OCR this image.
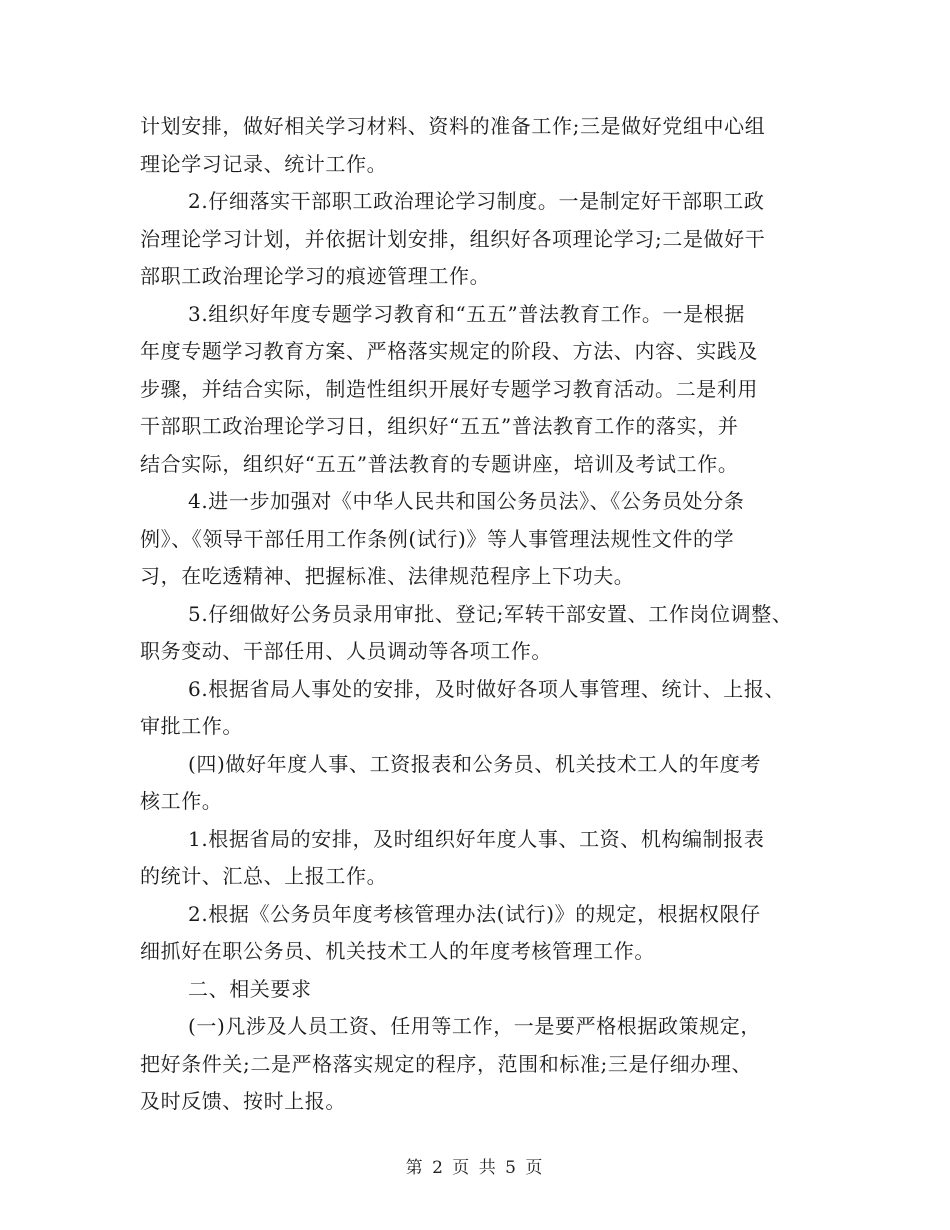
计划安排，做好相关学习材料、资料的准备工作;三是做好党组中心组
理论学习记录、统计工作。
2.仔细落实干部职工政治理论学习制度。一是制定好干部职工政
治理论学习计划，并依据计划安排，组织好各项理论学习;二是做好干
部职工政治理论学习的痕迹管理工作。
3.组织好年度专题学习教育和“五五”普法教育工作。一是根据
年度专题学习教育方案、严格落实规定的阶段、方法、内容、实践及
步骤，并结合实际，制造性组织开展好专题学习教育活动。二是利用
干部职工政治理论学习日，组织好“五五”普法教育工作的落实，并
结合实际，组织好“五五”普法教育的专题讲座，培训及考试工作。
4.进一步加强对《中华人民共和国公务员法》、《公务员处分条
例》、《领导干部任用工作条例(试行)》等人事管理法规性文件的学
习，在吃透精神、把握标准、法律规范程序上下功夫。
5.仔细做好公务员录用审批、登记;军转干部安置、工作岗位调整、
职务变动、干部任用、人员调动等各项工作。
6.根据省局人事处的安排，及时做好各项人事管理、统计、上报、
审批工作。
(四)做好年度人事、工资报表和公务员、机关技术工人的年度考
核工作。
1.根据省局的安排，及时组织好年度人事、工资、机构编制报表
的统计、汇总、上报工作。
2.根据《公务员年度考核管理办法(试行)》的规定，根据权限仔
细抓好在职公务员、机关技术工人的年度考核管理工作。
二、相关要求
(一)凡涉及人员工资、任用等工作，一是要严格根据政策规定，
把好条件关;二是严格落实规定的程序，范围和标准;三是仔细办理、
及时反馈、按时上报。
第 2 页 共 5 页
